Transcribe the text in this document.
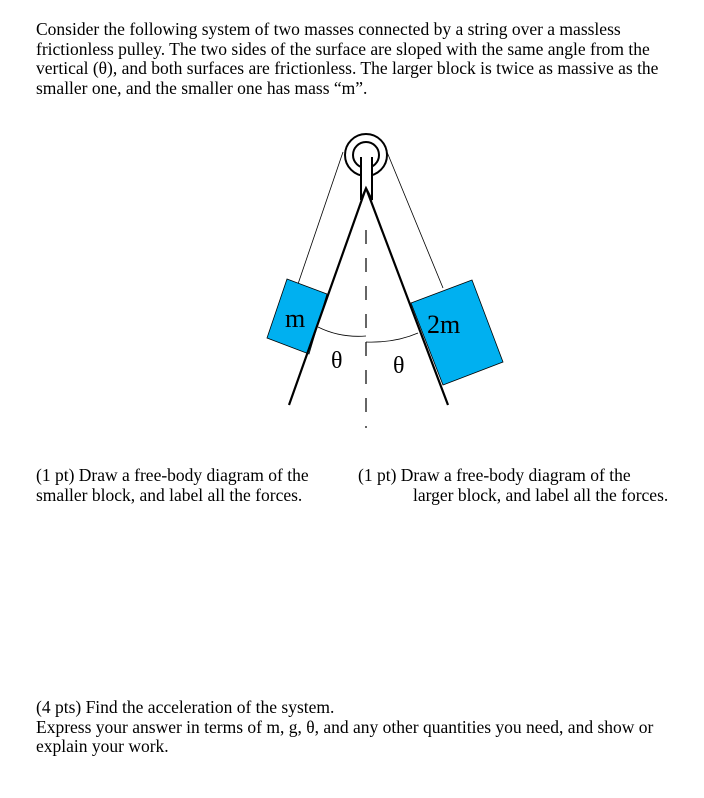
Consider the following system of two masses connected by a string over a massless frictionless pulley. The two sides of the surface are sloped with the same angle from the vertical (θ), and both surfaces are frictionless. The larger block is twice as massive as the smaller one, and the smaller one has mass “m”.

m	2m
θ θ

(1 pt) Draw a free-body diagram of the smaller block, and label all the forces.

(1 pt) Draw a free-body diagram of the
larger block, and label all the forces.

(4 pts) Find the acceleration of the system.
Express your answer in terms of m, g, θ, and any other quantities you need, and show or explain your work.
